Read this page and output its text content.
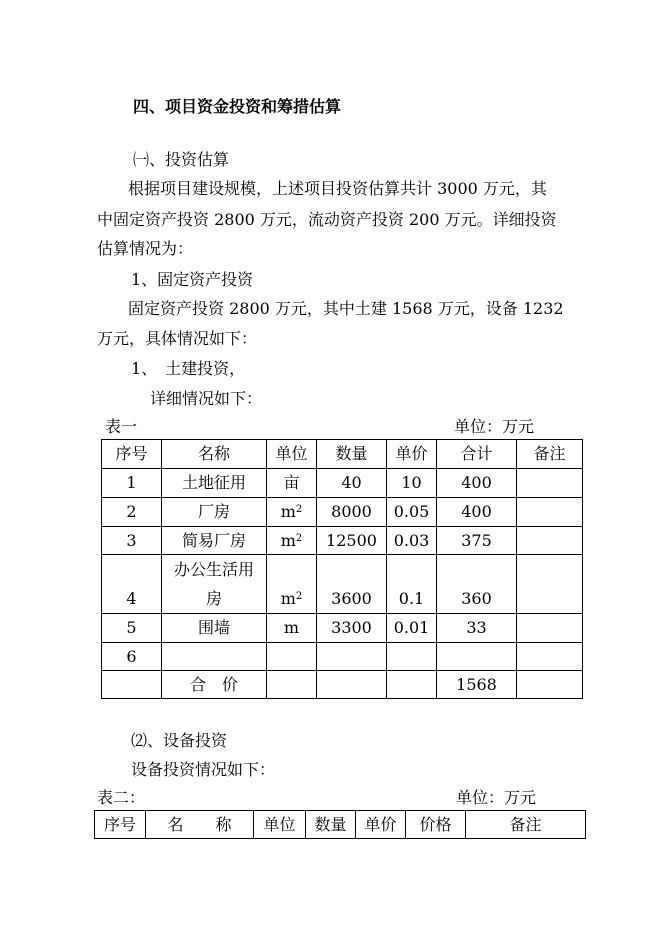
四、项目资金投资和筹措估算
㈠、投资估算
根据项目建设规模，上述项目投资估算共计 3000 万元，其
中固定资产投资 2800 万元，流动资产投资 200 万元。详细投资
估算情况为：
1、固定资产投资
固定资产投资 2800 万元，其中土建 1568 万元，设备 1232
万元，具体情况如下：
1、　土建投资，
详细情况如下：
表一	单位：万元
序号	名称	单位	数量	单价	合计	备注
1	土地征用	亩	40	10	400	
2	厂房	$m^2$	8000	0.05	400	
3	简易厂房	$m^2$	12500	0.03	375	
4	办公生活用
房	$m^2$	3600	0.1	360	
5	围墙	m	3300	0.01	33	
6						
	合　价				1568	
⑵、设备投资
设备投资情况如下：
表二：	单位：万元
序号	名　　称	单位	数量	单价	价格	备注
